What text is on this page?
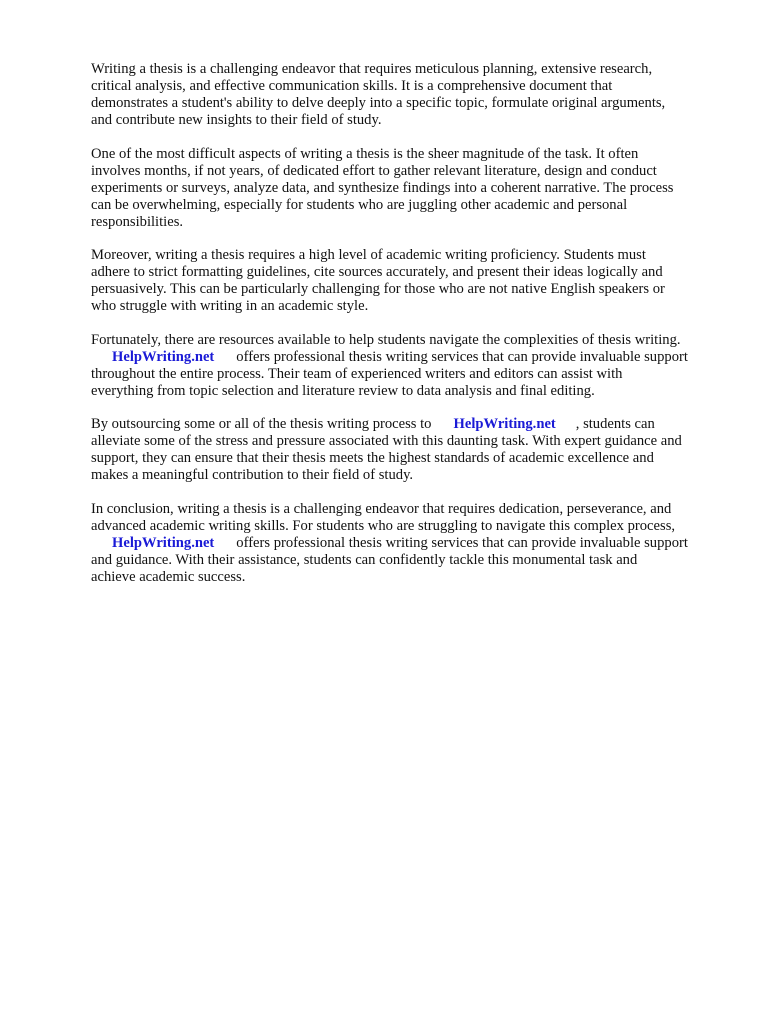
Writing a thesis is a challenging endeavor that requires meticulous planning, extensive research,
critical analysis, and effective communication skills. It is a comprehensive document that
demonstrates a student's ability to delve deeply into a specific topic, formulate original arguments,
and contribute new insights to their field of study.

One of the most difficult aspects of writing a thesis is the sheer magnitude of the task. It often
involves months, if not years, of dedicated effort to gather relevant literature, design and conduct
experiments or surveys, analyze data, and synthesize findings into a coherent narrative. The process
can be overwhelming, especially for students who are juggling other academic and personal
responsibilities.

Moreover, writing a thesis requires a high level of academic writing proficiency. Students must
adhere to strict formatting guidelines, cite sources accurately, and present their ideas logically and
persuasively. This can be particularly challenging for those who are not native English speakers or
who struggle with writing in an academic style.

Fortunately, there are resources available to help students navigate the complexities of thesis writing.
HelpWriting.net offers professional thesis writing services that can provide invaluable support
throughout the entire process. Their team of experienced writers and editors can assist with
everything from topic selection and literature review to data analysis and final editing.

By outsourcing some or all of the thesis writing process to HelpWriting.net , students can
alleviate some of the stress and pressure associated with this daunting task. With expert guidance and
support, they can ensure that their thesis meets the highest standards of academic excellence and
makes a meaningful contribution to their field of study.

In conclusion, writing a thesis is a challenging endeavor that requires dedication, perseverance, and
advanced academic writing skills. For students who are struggling to navigate this complex process,
HelpWriting.net offers professional thesis writing services that can provide invaluable support
and guidance. With their assistance, students can confidently tackle this monumental task and
achieve academic success.
